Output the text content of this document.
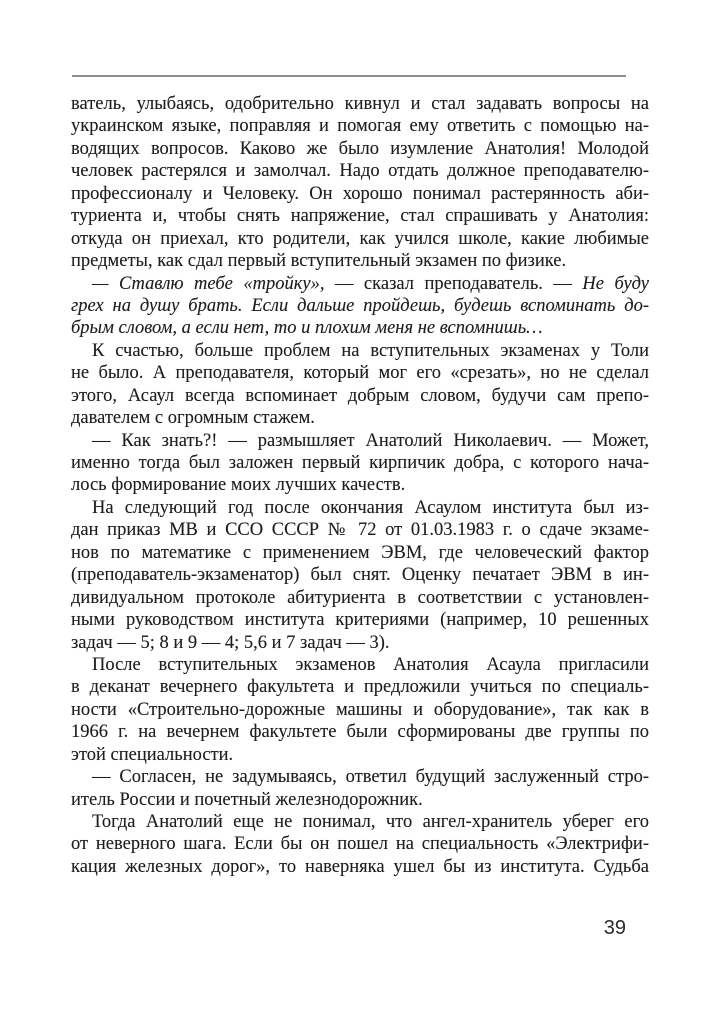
ватель, улыбаясь, одобрительно кивнул и стал задавать вопросы на
украинском языке, поправляя и помогая ему ответить с помощью на-
водящих вопросов. Каково же было изумление Анатолия! Молодой
человек растерялся и замолчал. Надо отдать должное преподавателю-
профессионалу и Человеку. Он хорошо понимал растерянность аби-
туриента и, чтобы снять напряжение, стал спрашивать у Анатолия:
откуда он приехал, кто родители, как учился школе, какие любимые
предметы, как сдал первый вступительный экзамен по физике.
— Ставлю тебе «тройку», — сказал преподаватель. — Не буду
грех на душу брать. Если дальше пройдешь, будешь вспоминать до-
брым словом, а если нет, то и плохим меня не вспомнишь…
К счастью, больше проблем на вступительных экзаменах у Толи
не было. А преподавателя, который мог его «срезать», но не сделал
этого, Асаул всегда вспоминает добрым словом, будучи сам препо-
давателем с огромным стажем.
— Как знать?! — размышляет Анатолий Николаевич. — Может,
именно тогда был заложен первый кирпичик добра, с которого нача-
лось формирование моих лучших качеств.
На следующий год после окончания Асаулом института был из-
дан приказ МВ и ССО СССР № 72 от 01.03.1983 г. о сдаче экзаме-
нов по математике с применением ЭВМ, где человеческий фактор
(преподаватель-экзаменатор) был снят. Оценку печатает ЭВМ в ин-
дивидуальном протоколе абитуриента в соответствии с установлен-
ными руководством института критериями (например, 10 решенных
задач — 5; 8 и 9 — 4; 5,6 и 7 задач — 3).
После вступительных экзаменов Анатолия Асаула пригласили
в деканат вечернего факультета и предложили учиться по специаль-
ности «Строительно-дорожные машины и оборудование», так как в
1966 г. на вечернем факультете были сформированы две группы по
этой специальности.
— Согласен, не задумываясь, ответил будущий заслуженный стро-
итель России и почетный железнодорожник.
Тогда Анатолий еще не понимал, что ангел-хранитель уберег его
от неверного шага. Если бы он пошел на специальность «Электрифи-
кация железных дорог», то наверняка ушел бы из института. Судьба
39
